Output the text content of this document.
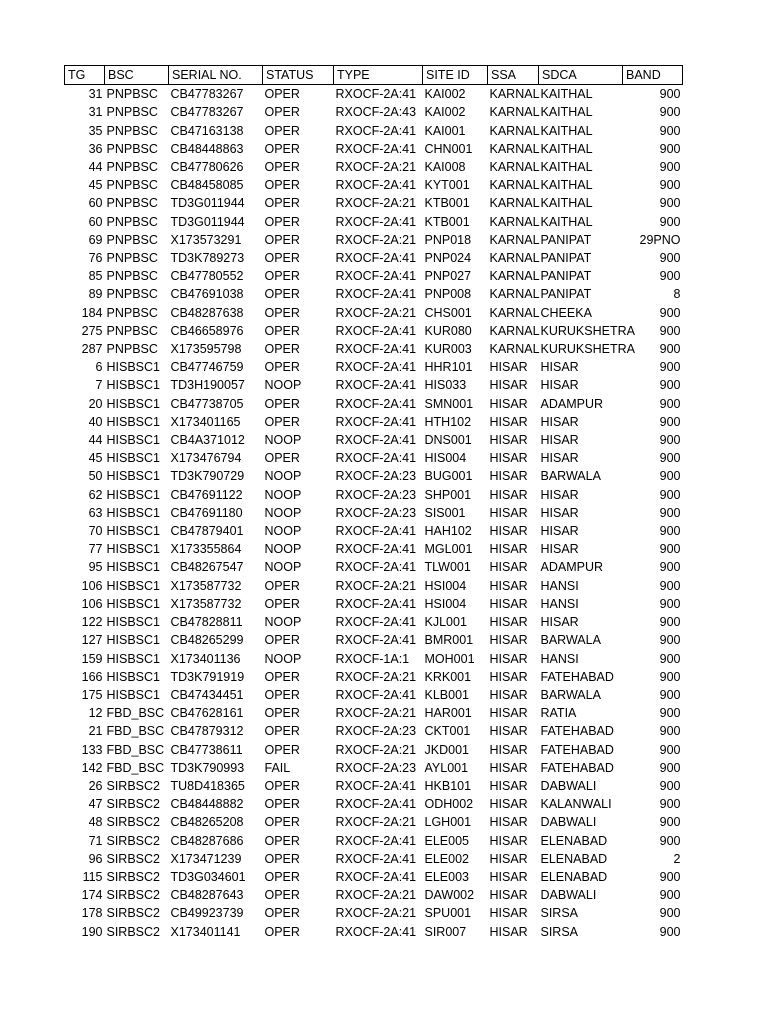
TG	BSC	SERIAL NO.	STATUS	TYPE	SITE ID	SSA	SDCA	BAND
31	PNPBSC	CB47783267	OPER	RXOCF-2A:41	KAI002	KARNAL	KAITHAL	900
31	PNPBSC	CB47783267	OPER	RXOCF-2A:43	KAI002	KARNAL	KAITHAL	900
35	PNPBSC	CB47163138	OPER	RXOCF-2A:41	KAI001	KARNAL	KAITHAL	900
36	PNPBSC	CB48448863	OPER	RXOCF-2A:41	CHN001	KARNAL	KAITHAL	900
44	PNPBSC	CB47780626	OPER	RXOCF-2A:21	KAI008	KARNAL	KAITHAL	900
45	PNPBSC	CB48458085	OPER	RXOCF-2A:41	KYT001	KARNAL	KAITHAL	900
60	PNPBSC	TD3G011944	OPER	RXOCF-2A:21	KTB001	KARNAL	KAITHAL	900
60	PNPBSC	TD3G011944	OPER	RXOCF-2A:41	KTB001	KARNAL	KAITHAL	900
69	PNPBSC	X173573291	OPER	RXOCF-2A:21	PNP018	KARNAL	PANIPAT	29PNO
76	PNPBSC	TD3K789273	OPER	RXOCF-2A:41	PNP024	KARNAL	PANIPAT	900
85	PNPBSC	CB47780552	OPER	RXOCF-2A:41	PNP027	KARNAL	PANIPAT	900
89	PNPBSC	CB47691038	OPER	RXOCF-2A:41	PNP008	KARNAL	PANIPAT	8
184	PNPBSC	CB48287638	OPER	RXOCF-2A:21	CHS001	KARNAL	CHEEKA	900
275	PNPBSC	CB46658976	OPER	RXOCF-2A:41	KUR080	KARNAL	KURUKSHETRA	900
287	PNPBSC	X173595798	OPER	RXOCF-2A:41	KUR003	KARNAL	KURUKSHETRA	900
6	HISBSC1	CB47746759	OPER	RXOCF-2A:41	HHR101	HISAR	HISAR	900
7	HISBSC1	TD3H190057	NOOP	RXOCF-2A:41	HIS033	HISAR	HISAR	900
20	HISBSC1	CB47738705	OPER	RXOCF-2A:41	SMN001	HISAR	ADAMPUR	900
40	HISBSC1	X173401165	OPER	RXOCF-2A:41	HTH102	HISAR	HISAR	900
44	HISBSC1	CB4A371012	NOOP	RXOCF-2A:41	DNS001	HISAR	HISAR	900
45	HISBSC1	X173476794	OPER	RXOCF-2A:41	HIS004	HISAR	HISAR	900
50	HISBSC1	TD3K790729	NOOP	RXOCF-2A:23	BUG001	HISAR	BARWALA	900
62	HISBSC1	CB47691122	NOOP	RXOCF-2A:23	SHP001	HISAR	HISAR	900
63	HISBSC1	CB47691180	NOOP	RXOCF-2A:23	SIS001	HISAR	HISAR	900
70	HISBSC1	CB47879401	NOOP	RXOCF-2A:41	HAH102	HISAR	HISAR	900
77	HISBSC1	X173355864	NOOP	RXOCF-2A:41	MGL001	HISAR	HISAR	900
95	HISBSC1	CB48267547	NOOP	RXOCF-2A:41	TLW001	HISAR	ADAMPUR	900
106	HISBSC1	X173587732	OPER	RXOCF-2A:21	HSI004	HISAR	HANSI	900
106	HISBSC1	X173587732	OPER	RXOCF-2A:41	HSI004	HISAR	HANSI	900
122	HISBSC1	CB47828811	NOOP	RXOCF-2A:41	KJL001	HISAR	HISAR	900
127	HISBSC1	CB48265299	OPER	RXOCF-2A:41	BMR001	HISAR	BARWALA	900
159	HISBSC1	X173401136	NOOP	RXOCF-1A:1	MOH001	HISAR	HANSI	900
166	HISBSC1	TD3K791919	OPER	RXOCF-2A:21	KRK001	HISAR	FATEHABAD	900
175	HISBSC1	CB47434451	OPER	RXOCF-2A:41	KLB001	HISAR	BARWALA	900
12	FBD_BSC	CB47628161	OPER	RXOCF-2A:21	HAR001	HISAR	RATIA	900
21	FBD_BSC	CB47879312	OPER	RXOCF-2A:23	CKT001	HISAR	FATEHABAD	900
133	FBD_BSC	CB47738611	OPER	RXOCF-2A:21	JKD001	HISAR	FATEHABAD	900
142	FBD_BSC	TD3K790993	FAIL	RXOCF-2A:23	AYL001	HISAR	FATEHABAD	900
26	SIRBSC2	TU8D418365	OPER	RXOCF-2A:41	HKB101	HISAR	DABWALI	900
47	SIRBSC2	CB48448882	OPER	RXOCF-2A:41	ODH002	HISAR	KALANWALI	900
48	SIRBSC2	CB48265208	OPER	RXOCF-2A:21	LGH001	HISAR	DABWALI	900
71	SIRBSC2	CB48287686	OPER	RXOCF-2A:41	ELE005	HISAR	ELENABAD	900
96	SIRBSC2	X173471239	OPER	RXOCF-2A:41	ELE002	HISAR	ELENABAD	2
115	SIRBSC2	TD3G034601	OPER	RXOCF-2A:41	ELE003	HISAR	ELENABAD	900
174	SIRBSC2	CB48287643	OPER	RXOCF-2A:21	DAW002	HISAR	DABWALI	900
178	SIRBSC2	CB49923739	OPER	RXOCF-2A:21	SPU001	HISAR	SIRSA	900
190	SIRBSC2	X173401141	OPER	RXOCF-2A:41	SIR007	HISAR	SIRSA	900
